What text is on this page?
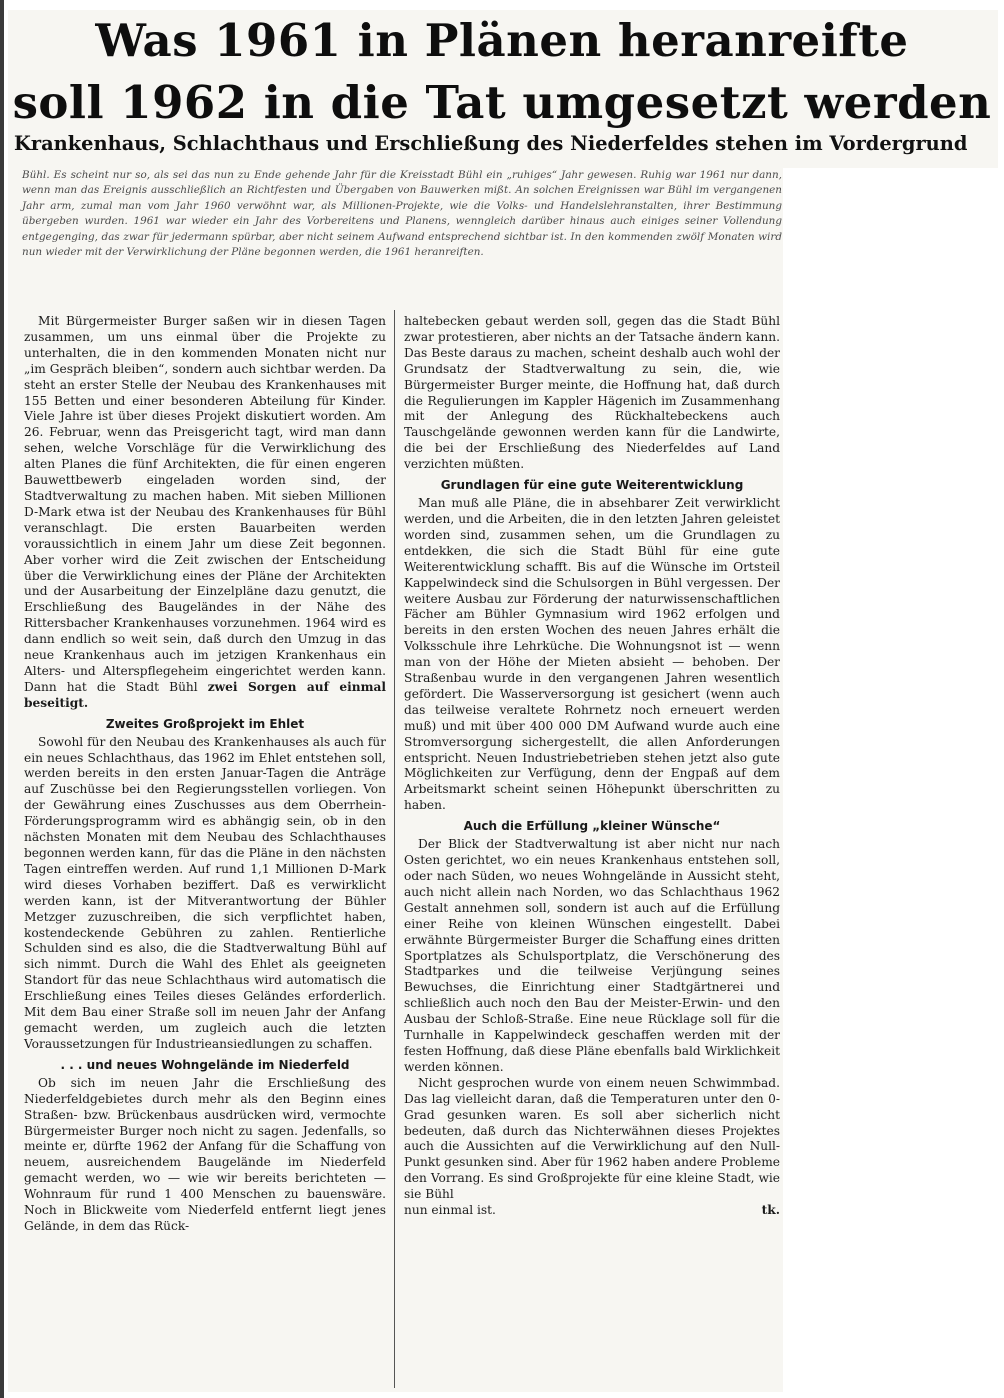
Was 1961 in Plänen heranreifte
soll 1962 in die Tat umgesetzt werden
Krankenhaus, Schlachthaus und Erschließung des Niederfeldes stehen im Vordergrund

Bühl. Es scheint nur so, als sei das nun zu Ende gehende Jahr für die Kreisstadt Bühl ein „ruhiges“ Jahr gewesen. Ruhig war 1961 nur dann, wenn man das Ereignis ausschließlich an Richtfesten und Übergaben von Bauwerken mißt. An solchen Ereignissen war Bühl im vergangenen Jahr arm, zumal man vom Jahr 1960 verwöhnt war, als Millionen-Projekte, wie die Volks- und Handelslehranstalten, ihrer Bestimmung übergeben wurden. 1961 war wieder ein Jahr des Vorbereitens und Planens, wenngleich darüber hinaus auch einiges seiner Vollendung entgegenging, das zwar für jedermann spürbar, aber nicht seinem Aufwand entsprechend sichtbar ist. In den kommenden zwölf Monaten wird nun wieder mit der Verwirklichung der Pläne begonnen werden, die 1961 heranreiften.

Mit Bürgermeister Burger saßen wir in diesen Tagen zusammen, um uns einmal über die Projekte zu unterhalten, die in den kommenden Monaten nicht nur „im Gespräch bleiben“, sondern auch sichtbar werden. Da steht an erster Stelle der Neubau des Krankenhauses mit 155 Betten und einer besonderen Abteilung für Kinder. Viele Jahre ist über dieses Projekt diskutiert worden. Am 26. Februar, wenn das Preisgericht tagt, wird man dann sehen, welche Vorschläge für die Verwirklichung des alten Planes die fünf Architekten, die für einen engeren Bauwettbewerb eingeladen worden sind, der Stadtverwaltung zu machen haben. Mit sieben Millionen D-Mark etwa ist der Neubau des Krankenhauses für Bühl veranschlagt. Die ersten Bauarbeiten werden voraussichtlich in einem Jahr um diese Zeit begonnen. Aber vorher wird die Zeit zwischen der Entscheidung über die Verwirklichung eines der Pläne der Architekten und der Ausarbeitung der Einzelpläne dazu genutzt, die Erschließung des Baugeländes in der Nähe des Rittersbacher Krankenhauses vorzunehmen. 1964 wird es dann endlich so weit sein, daß durch den Umzug in das neue Krankenhaus auch im jetzigen Krankenhaus ein Alters- und Alterspflegeheim eingerichtet werden kann. Dann hat die Stadt Bühl zwei Sorgen auf einmal beseitigt.

Zweites Großprojekt im Ehlet

Sowohl für den Neubau des Krankenhauses als auch für ein neues Schlachthaus, das 1962 im Ehlet entstehen soll, werden bereits in den ersten Januar-Tagen die Anträge auf Zuschüsse bei den Regierungsstellen vorliegen. Von der Gewährung eines Zuschusses aus dem Oberrhein-Förderungsprogramm wird es abhängig sein, ob in den nächsten Monaten mit dem Neubau des Schlachthauses begonnen werden kann, für das die Pläne in den nächsten Tagen eintreffen werden. Auf rund 1,1 Millionen D-Mark wird dieses Vorhaben beziffert. Daß es verwirklicht werden kann, ist der Mitverantwortung der Bühler Metzger zuzuschreiben, die sich verpflichtet haben, kostendeckende Gebühren zu zahlen. Rentierliche Schulden sind es also, die die Stadtverwaltung Bühl auf sich nimmt. Durch die Wahl des Ehlet als geeigneten Standort für das neue Schlachthaus wird automatisch die Erschließung eines Teiles dieses Geländes erforderlich. Mit dem Bau einer Straße soll im neuen Jahr der Anfang gemacht werden, um zugleich auch die letzten Voraussetzungen für Industrieansiedlungen zu schaffen.

. . . und neues Wohngelände im Niederfeld

Ob sich im neuen Jahr die Erschließung des Niederfeldgebietes durch mehr als den Beginn eines Straßen- bzw. Brückenbaus ausdrücken wird, vermochte Bürgermeister Burger noch nicht zu sagen. Jedenfalls, so meinte er, dürfte 1962 der Anfang für die Schaffung von neuem, ausreichendem Baugelände im Niederfeld gemacht werden, wo — wie wir bereits berichteten — Wohnraum für rund 1 400 Menschen zu bauenswäre. Noch in Blickweite vom Niederfeld entfernt liegt jenes Gelände, in dem das Rück-

haltebecken gebaut werden soll, gegen das die Stadt Bühl zwar protestieren, aber nichts an der Tatsache ändern kann. Das Beste daraus zu machen, scheint deshalb auch wohl der Grundsatz der Stadtverwaltung zu sein, die, wie Bürgermeister Burger meinte, die Hoffnung hat, daß durch die Regulierungen im Kappler Hägenich im Zusammenhang mit der Anlegung des Rückhaltebeckens auch Tauschgelände gewonnen werden kann für die Landwirte, die bei der Erschließung des Niederfeldes auf Land verzichten müßten.

Grundlagen für eine gute Weiterentwicklung

Man muß alle Pläne, die in absehbarer Zeit verwirklicht werden, und die Arbeiten, die in den letzten Jahren geleistet worden sind, zusammen sehen, um die Grundlagen zu entdekken, die sich die Stadt Bühl für eine gute Weiterentwicklung schafft. Bis auf die Wünsche im Ortsteil Kappelwindeck sind die Schulsorgen in Bühl vergessen. Der weitere Ausbau zur Förderung der naturwissenschaftlichen Fächer am Bühler Gymnasium wird 1962 erfolgen und bereits in den ersten Wochen des neuen Jahres erhält die Volksschule ihre Lehrküche. Die Wohnungsnot ist — wenn man von der Höhe der Mieten absieht — behoben. Der Straßenbau wurde in den vergangenen Jahren wesentlich gefördert. Die Wasserversorgung ist gesichert (wenn auch das teilweise veraltete Rohrnetz noch erneuert werden muß) und mit über 400 000 DM Aufwand wurde auch eine Stromversorgung sichergestellt, die allen Anforderungen entspricht. Neuen Industriebetrieben stehen jetzt also gute Möglichkeiten zur Verfügung, denn der Engpaß auf dem Arbeitsmarkt scheint seinen Höhepunkt überschritten zu haben.

Auch die Erfüllung „kleiner Wünsche“

Der Blick der Stadtverwaltung ist aber nicht nur nach Osten gerichtet, wo ein neues Krankenhaus entstehen soll, oder nach Süden, wo neues Wohngelände in Aussicht steht, auch nicht allein nach Norden, wo das Schlachthaus 1962 Gestalt annehmen soll, sondern ist auch auf die Erfüllung einer Reihe von kleinen Wünschen eingestellt. Dabei erwähnte Bürgermeister Burger die Schaffung eines dritten Sportplatzes als Schulsportplatz, die Verschönerung des Stadtparkes und die teilweise Verjüngung seines Bewuchses, die Einrichtung einer Stadtgärtnerei und schließlich auch noch den Bau der Meister-Erwin- und den Ausbau der Schloß-Straße. Eine neue Rücklage soll für die Turnhalle in Kappelwindeck geschaffen werden mit der festen Hoffnung, daß diese Pläne ebenfalls bald Wirklichkeit werden können.

Nicht gesprochen wurde von einem neuen Schwimmbad. Das lag vielleicht daran, daß die Temperaturen unter den 0-Grad gesunken waren. Es soll aber sicherlich nicht bedeuten, daß durch das Nichterwähnen dieses Projektes auch die Aussichten auf die Verwirklichung auf den Null-Punkt gesunken sind. Aber für 1962 haben andere Probleme den Vorrang. Es sind Großprojekte für eine kleine Stadt, wie sie Bühl

nun einmal ist.	tk.
